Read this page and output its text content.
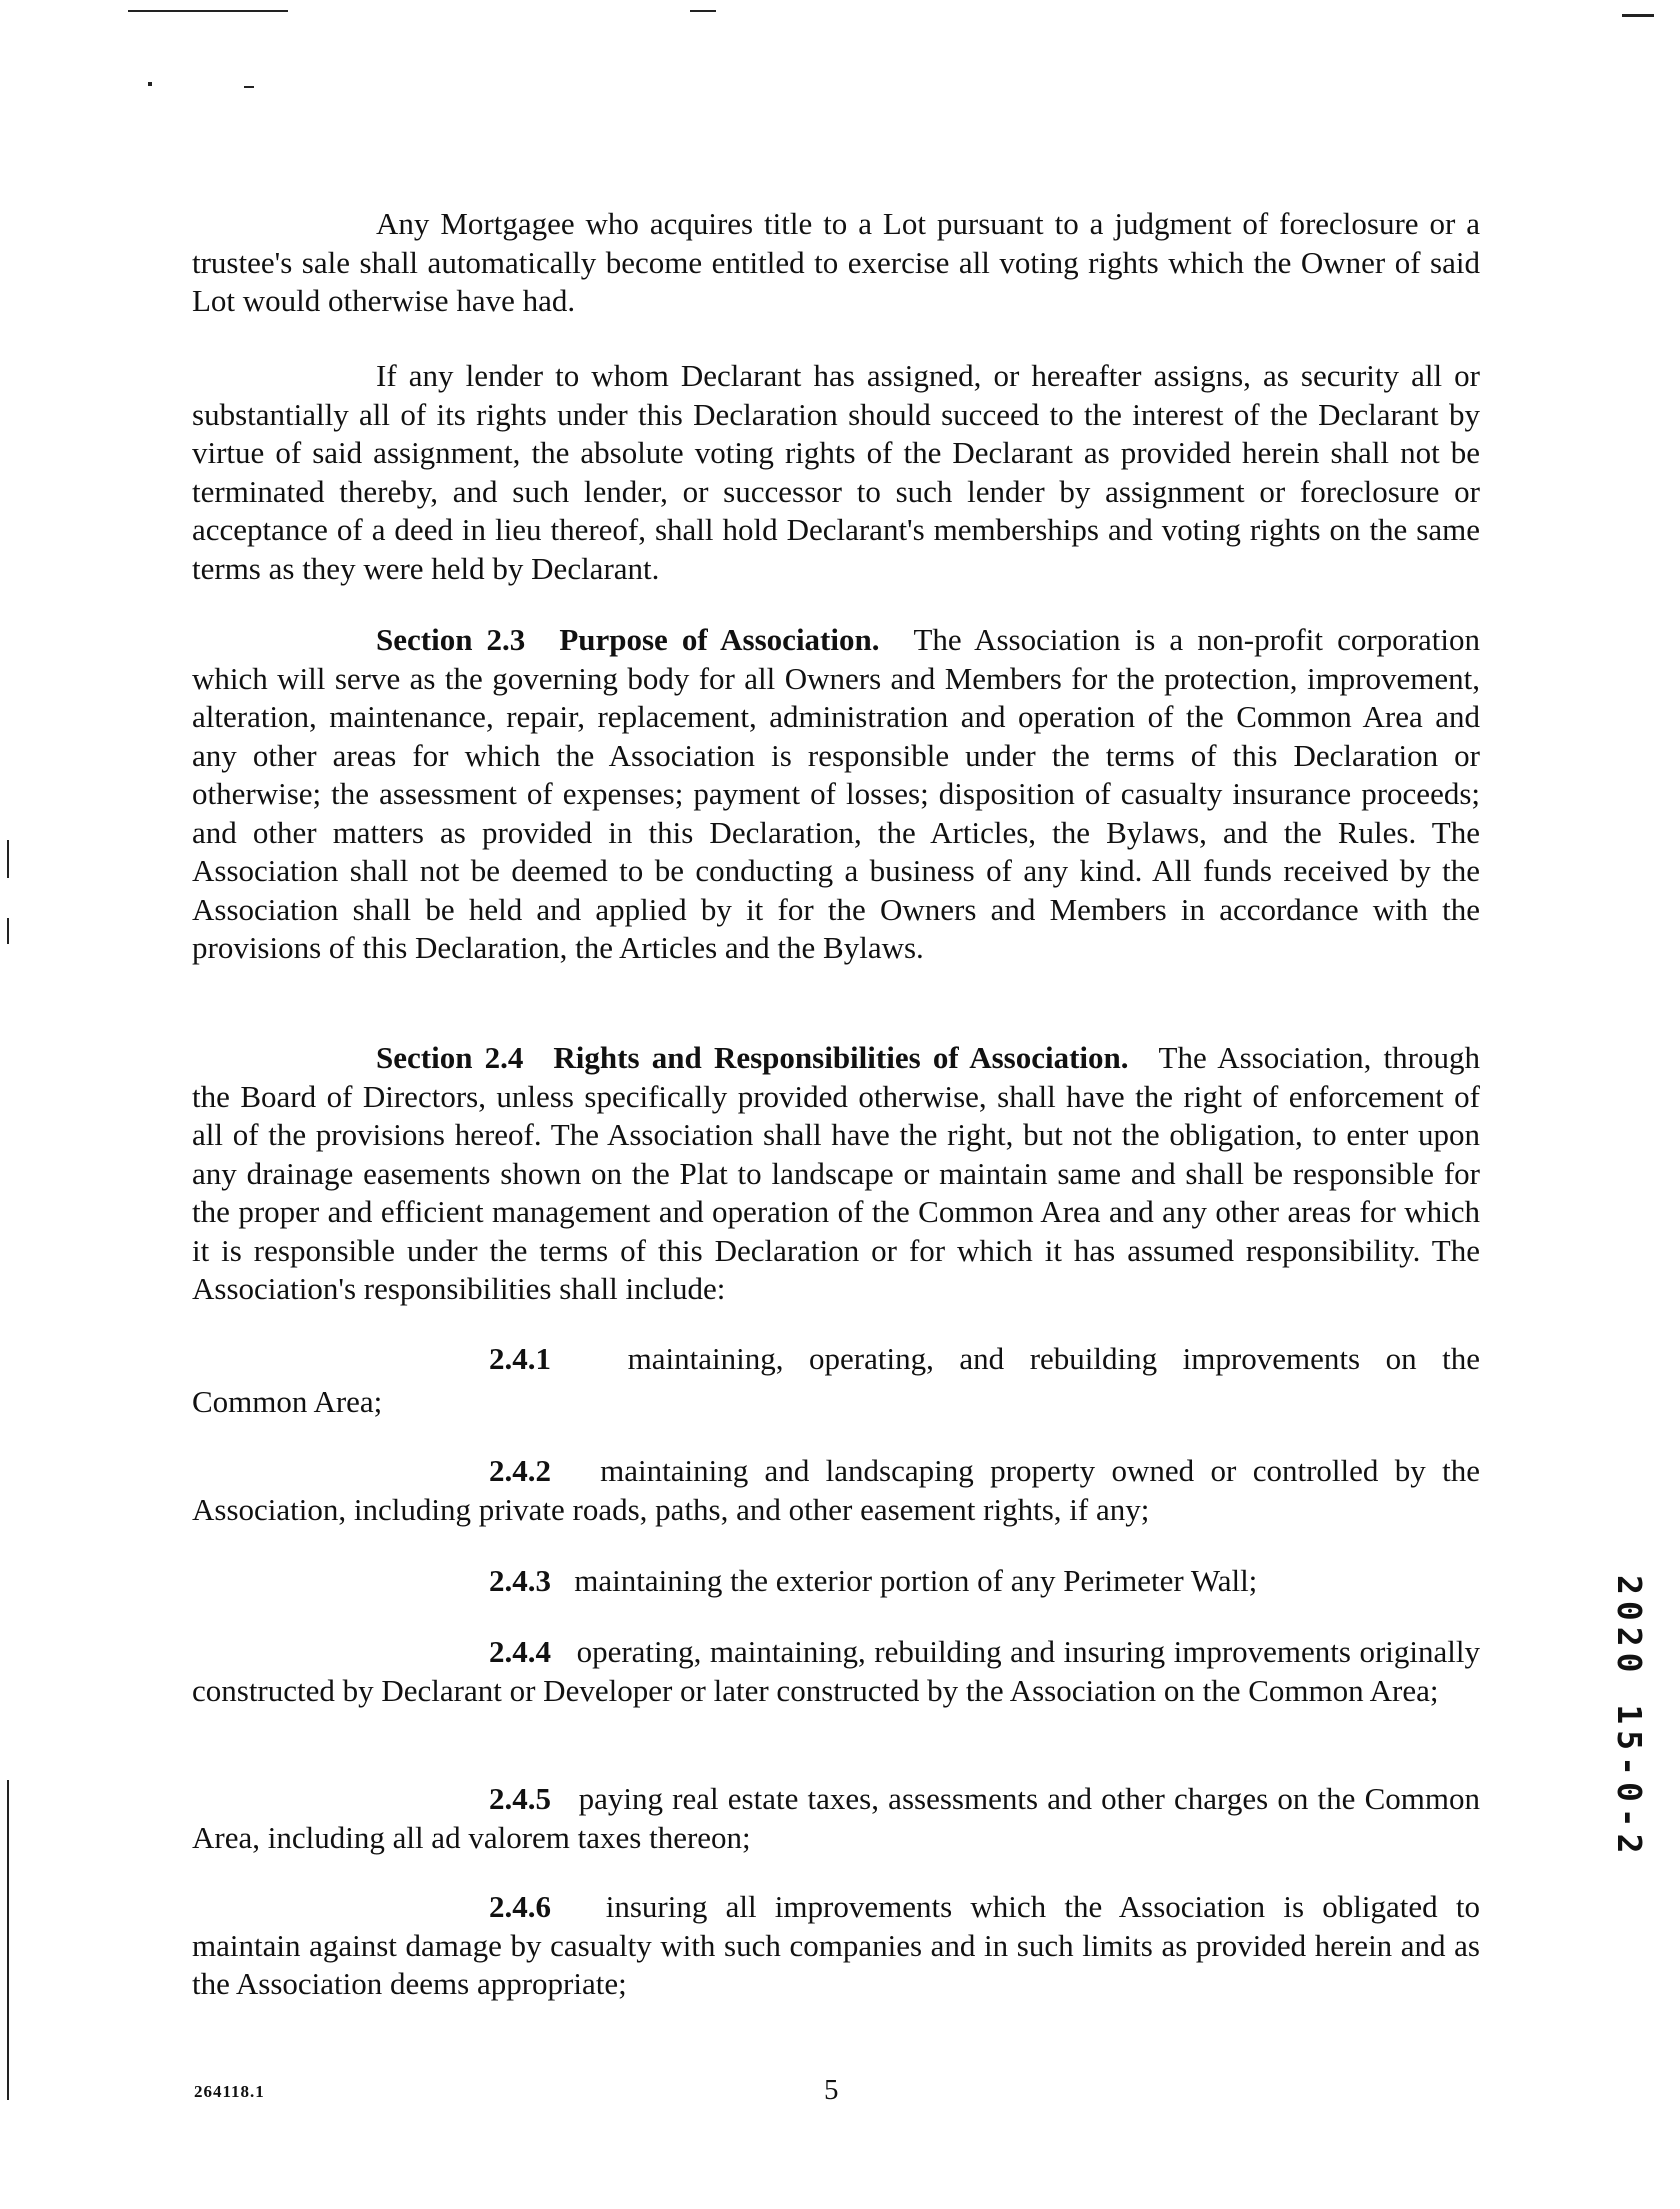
Any Mortgagee who acquires title to a Lot pursuant to a judgment of foreclosure or a trustee's sale shall automatically become entitled to exercise all voting rights which the Owner of said Lot would otherwise have had.

If any lender to whom Declarant has assigned, or hereafter assigns, as security all or substantially all of its rights under this Declaration should succeed to the interest of the Declarant by virtue of said assignment, the absolute voting rights of the Declarant as provided herein shall not be terminated thereby, and such lender, or successor to such lender by assignment or foreclosure or acceptance of a deed in lieu thereof, shall hold Declarant's memberships and voting rights on the same terms as they were held by Declarant.

Section 2.3 Purpose of Association. The Association is a non-profit corporation which will serve as the governing body for all Owners and Members for the protection, improvement, alteration, maintenance, repair, replacement, administration and operation of the Common Area and any other areas for which the Association is responsible under the terms of this Declaration or otherwise; the assessment of expenses; payment of losses; disposition of casualty insurance proceeds; and other matters as provided in this Declaration, the Articles, the Bylaws, and the Rules. The Association shall not be deemed to be conducting a business of any kind. All funds received by the Association shall be held and applied by it for the Owners and Members in accordance with the provisions of this Declaration, the Articles and the Bylaws.

Section 2.4 Rights and Responsibilities of Association. The Association, through the Board of Directors, unless specifically provided otherwise, shall have the right of enforcement of all of the provisions hereof. The Association shall have the right, but not the obligation, to enter upon any drainage easements shown on the Plat to landscape or maintain same and shall be responsible for the proper and efficient management and operation of the Common Area and any other areas for which it is responsible under the terms of this Declaration or for which it has assumed responsibility. The Association's responsibilities shall include:

2.4.1 maintaining, operating, and rebuilding improvements on the

Common Area;

2.4.2 maintaining and landscaping property owned or controlled by the Association, including private roads, paths, and other easement rights, if any;

2.4.3 maintaining the exterior portion of any Perimeter Wall;

2.4.4 operating, maintaining, rebuilding and insuring improvements originally constructed by Declarant or Developer or later constructed by the Association on the Common Area;

2.4.5 paying real estate taxes, assessments and other charges on the Common Area, including all ad valorem taxes thereon;

2.4.6 insuring all improvements which the Association is obligated to maintain against damage by casualty with such companies and in such limits as provided herein and as the Association deems appropriate;

2020 15-0-2
264118.1	5
